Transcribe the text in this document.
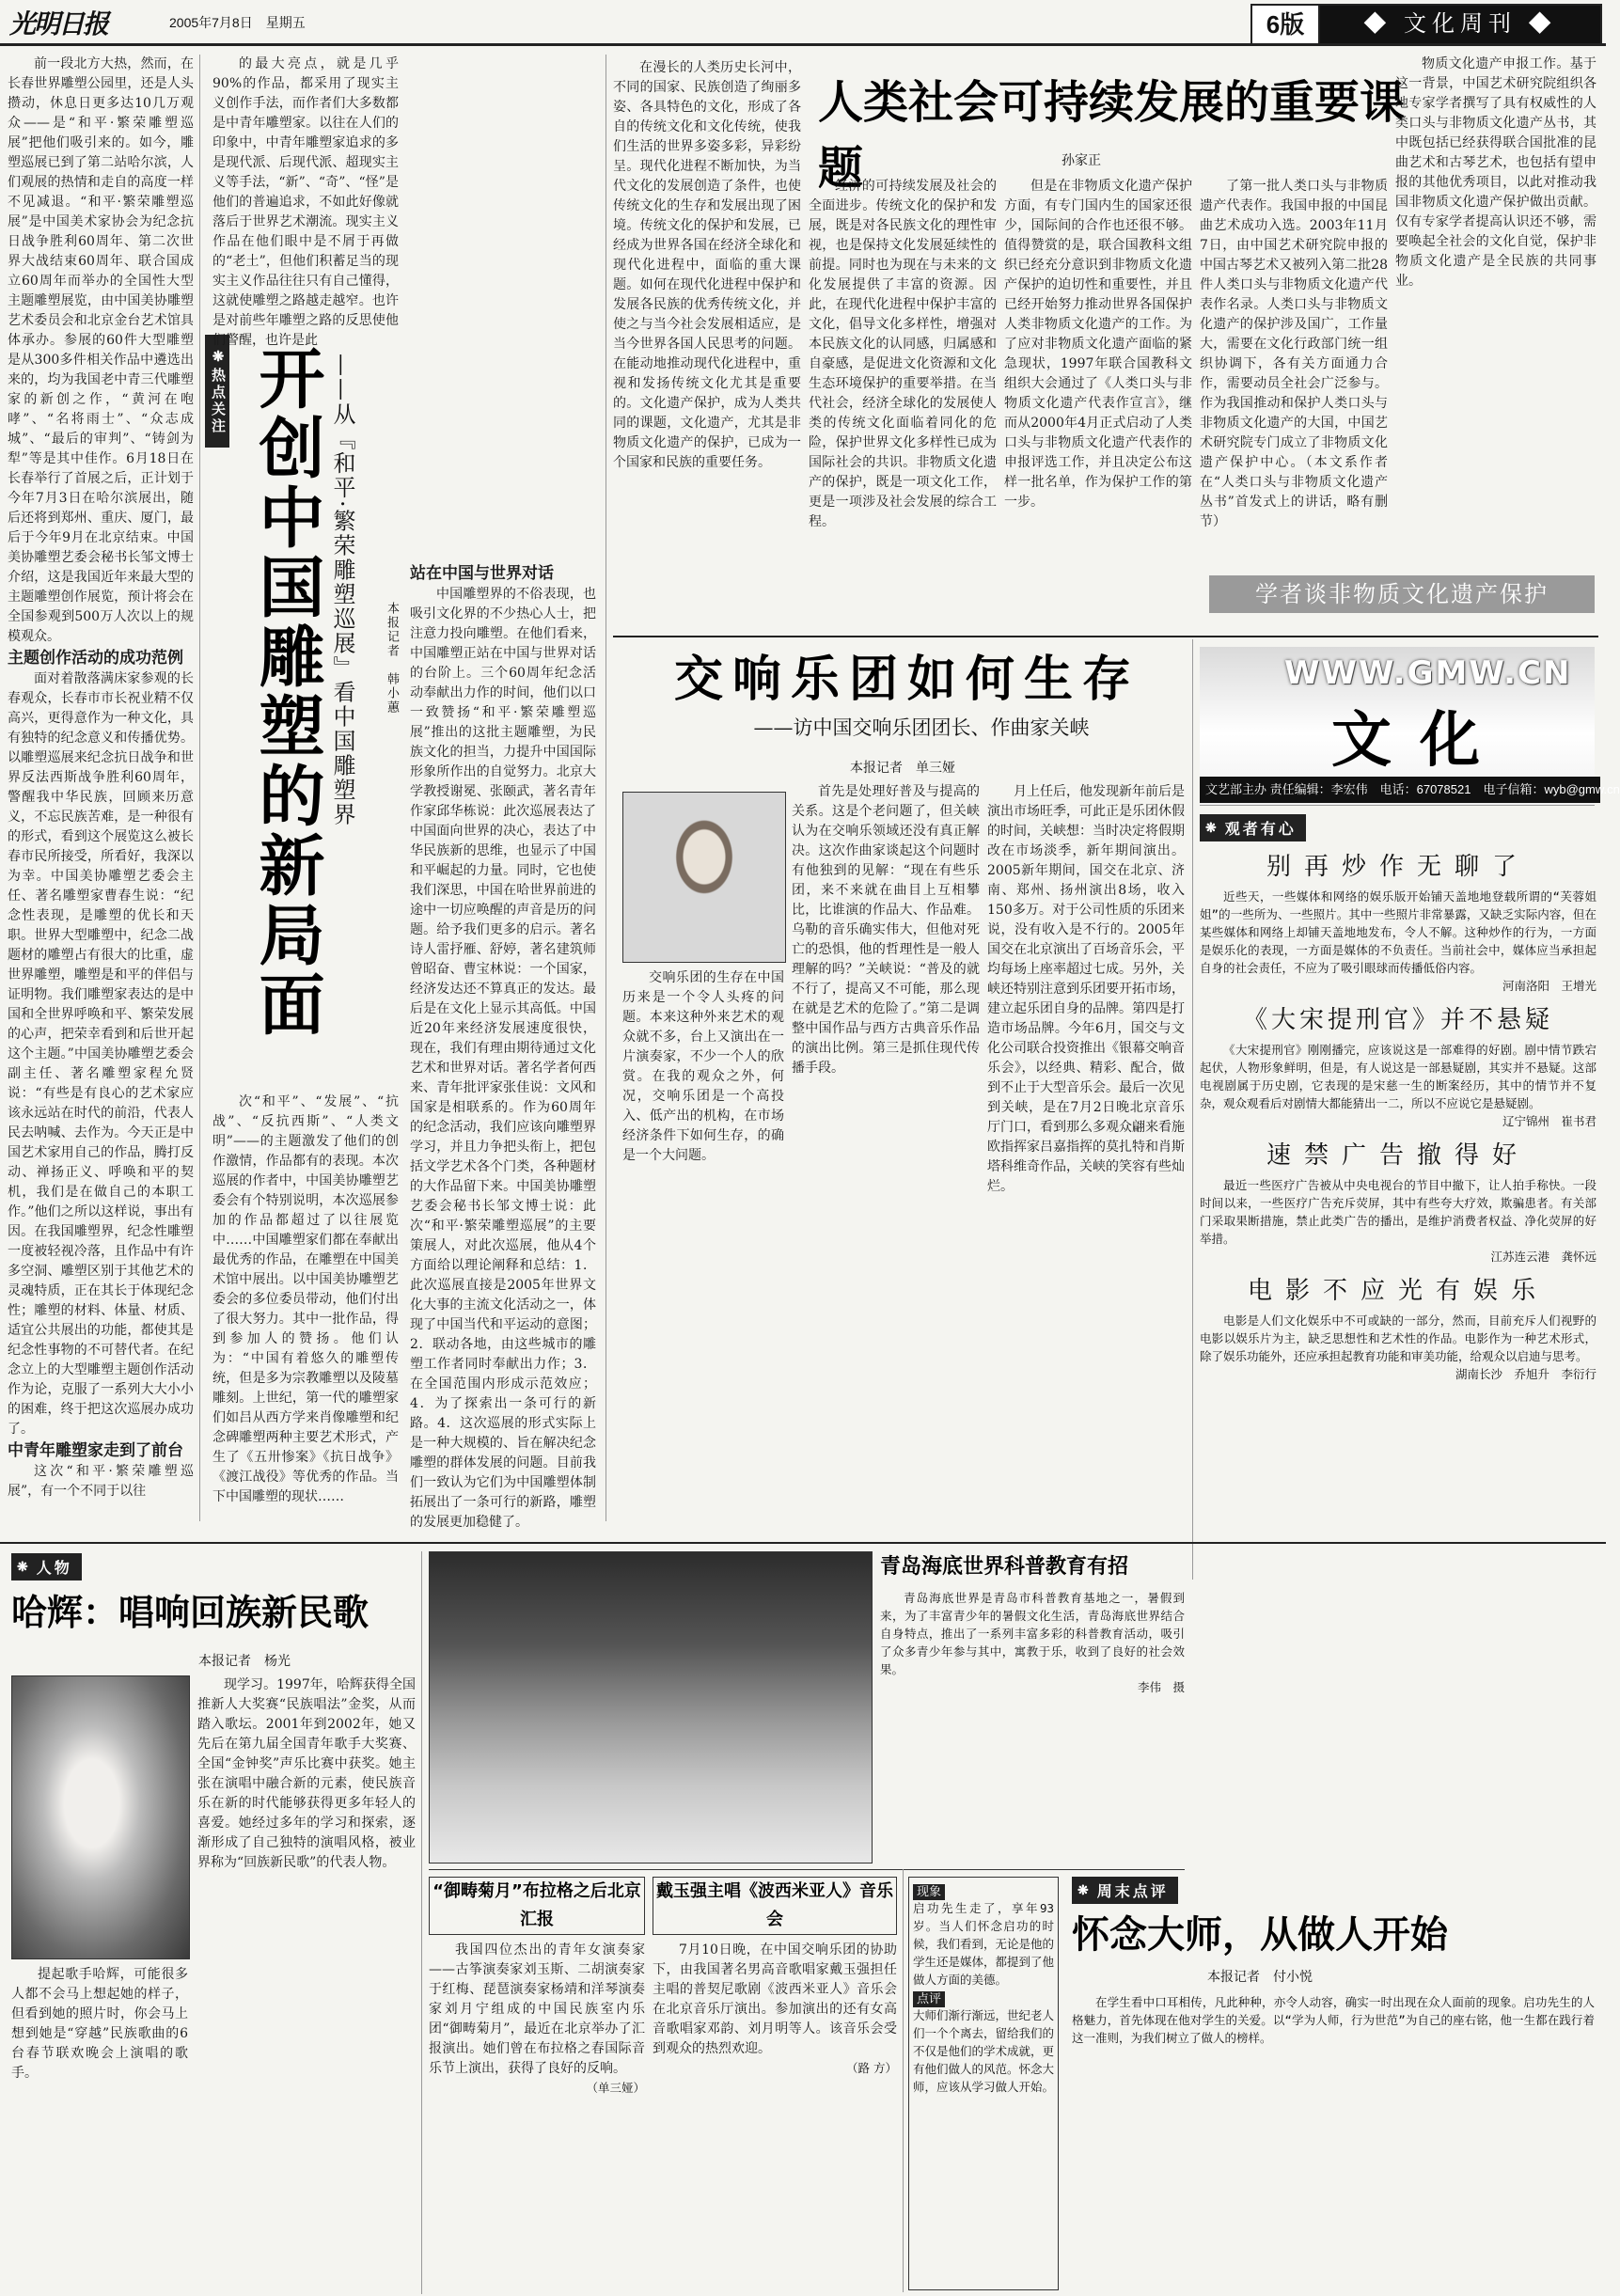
光明日报	2005年7月8日　星期五	6版	◆ 文化周刊 ◆

前一段北方大热，然而，在长春世界雕塑公园里，还是人头攒动，休息日更多达10几万观众——是“和平·繁荣雕塑巡展”把他们吸引来的。如今，雕塑巡展已到了第二站哈尔滨，人们观展的热情和走自的高度一样不见减退。“和平·繁荣雕塑巡展”是中国美术家协会为纪念抗日战争胜利60周年、第二次世界大战结束60周年、联合国成立60周年而举办的全国性大型主题雕塑展览，由中国美协雕塑艺术委员会和北京金台艺术馆具体承办。参展的60件大型雕塑是从300多件相关作品中遴选出来的，均为我国老中青三代雕塑家的新创之作，“黄河在咆哮”、“名将雨士”、“众志成城”、“最后的审判”、“铸剑为犁”等是其中佳作。6月18日在长春举行了首展之后，正计划于今年7月3日在哈尔滨展出，随后还将到郑州、重庆、厦门，最后于今年9月在北京结束。中国美协雕塑艺委会秘书长邹文博士介绍，这是我国近年来最大型的主题雕塑创作展览，预计将会在全国参观到500万人次以上的规模观众。

主题创作活动的成功范例

面对着散落满床家参观的长春观众，长春市市长祝业精不仅高兴，更得意作为一种文化，具有独特的纪念意义和传播优势。以雕塑巡展来纪念抗日战争和世界反法西斯战争胜利60周年，警醒我中华民族，回顾来历意义，不忘民族苦难，是一种很有的形式，看到这个展览这么被长春市民所接受，所看好，我深以为幸。中国美协雕塑艺委会主任、著名雕塑家曹春生说：“纪念性表现，是雕塑的优长和天职。世界大型雕塑中，纪念二战题材的雕塑占有很大的比重，虚世界雕塑，雕塑是和平的伴侣与证明物。我们雕塑家表达的是中国和全世界呼唤和平、繁荣发展的心声，把荣幸看到和后世开起这个主题。”中国美协雕塑艺委会副主任、著名雕塑家程允贤说：“有些是有良心的艺术家应该永远站在时代的前沿，代表人民去呐喊、去作为。今天正是中国艺术家用自己的作品，腾打反动、禅扬正义、呼唤和平的契机，我们是在做自己的本职工作。”他们之所以这样说，事出有因。在我国雕塑界，纪念性雕塑一度被轻视冷落，且作品中有许多空洞、雕塑区别于其他艺术的灵魂特质，正在其长于体现纪念性；雕塑的材料、体量、材质、适宜公共展出的功能，都使其是纪念性事物的不可替代者。在纪念立上的大型雕塑主题创作活动作为论，克服了一系列大大小小的困难，终于把这次巡展办成功了。

中青年雕塑家走到了前台

这次“和平·繁荣雕塑巡展”，有一个不同于以往

❋热点关注 开创中国雕塑的新局面 ——从『和平·繁荣雕塑巡展』看中国雕塑界	本报记者　韩小蕙

的最大亮点，就是几乎90%的作品，都采用了现实主义创作手法，而作者们大多数都是中青年雕塑家。以往在人们的印象中，中青年雕塑家追求的多是现代派、后现代派、超现实主义等手法，“新”、“奇”、“怪”是他们的普遍追求，不如此好像就落后于世界艺术潮流。现实主义作品在他们眼中是不屑于再做的“老土”，但他们积蓄足当的现实主义作品往往只有自己懂得，这就使雕塑之路越走越窄。也许是对前些年雕塑之路的反思使他们警醒，也许是此

站在中国与世界对话

中国雕塑界的不俗表现，也吸引文化界的不少热心人士，把注意力投向雕塑。在他们看来，中国雕塑正站在中国与世界对话的台阶上。三个60周年纪念活动奉献出力作的时间，他们以口一致赞扬“和平·繁荣雕塑巡展”推出的这批主题雕塑，为民族文化的担当，力提升中国国际形象所作出的自觉努力。北京大学教授谢冕、张颐武，著名青年作家邱华栋说：此次巡展表达了中国面向世界的决心，表达了中华民族新的思维，也显示了中国和平崛起的力量。同时，它也使我们深思，中国在哈世界前进的途中一切应唤醒的声音是历的问题。给予我们更多的启示。著名诗人雷抒雁、舒婷，著名建筑师曾昭奋、曹宝林说：一个国家，经济发达还不算真正的发达。最后是在文化上显示其高低。中国近20年来经济发展速度很快，现在，我们有理由期待通过文化艺术和世界对话。著名学者何西来、青年批评家张佳说：文风和国家是相联系的。作为60周年的纪念活动，我们应该向雕塑界学习，并且力争把头衔上，把包括文学艺术各个门类，各种题材的大作品留下来。中国美协雕塑艺委会秘书长邹文博士说：此次“和平·繁荣雕塑巡展”的主要策展人，对此次巡展，他从4个方面给以理论阐释和总结：1．此次巡展直接是2005年世界文化大事的主流文化活动之一，体现了中国当代和平运动的意图；2．联动各地，由这些城市的雕塑工作者同时奉献出力作；3．在全国范围内形成示范效应；4．为了探索出一条可行的新路。4．这次巡展的形式实际上是一种大规模的、旨在解决纪念雕塑的群体发展的问题。目前我们一致认为它们为中国雕塑体制拓展出了一条可行的新路，雕塑的发展更加稳健了。

次“和平”、“发展”、“抗战”、“反抗西斯”、“人类文明”——的主题激发了他们的创作激情，作品都有的表现。本次巡展的作者中，中国美协雕塑艺委会有个特别说明，本次巡展参加的作品都超过了以往展览中……中国雕塑家们都在奉献出最优秀的作品，在雕塑在中国美术馆中展出。以中国美协雕塑艺委会的多位委员带动，他们付出了很大努力。其中一批作品，得到参加人的赞扬。他们认为：“中国有着悠久的雕塑传统，但是多为宗教雕塑以及陵墓雕刻。上世纪，第一代的雕塑家们如吕从西方学来肖像雕塑和纪念碑雕塑两种主要艺术形式，产生了《五卅惨案》《抗日战争》《渡江战役》等优秀的作品。当下中国雕塑的现状……

人类社会可持续发展的重要课题	孙家正

在漫长的人类历史长河中，不同的国家、民族创造了绚丽多姿、各具特色的文化，形成了各自的传统文化和文化传统，使我们生活的世界多姿多彩，异彩纷呈。现代化进程不断加快，为当代文化的发展创造了条件，也使传统文化的生存和发展出现了困境。传统文化的保护和发展，已经成为世界各国在经济全球化和现代化进程中，面临的重大课题。如何在现代化进程中保护和发展各民族的优秀传统文化，并使之与当今社会发展相适应，是当今世界各国人民思考的问题。在能动地推动现代化进程中，重视和发扬传统文化尤其是重要的。文化遗产保护，成为人类共同的课题，文化遗产，尤其是非物质文化遗产的保护，已成为一个国家和民族的重要任务。

经济的可持续发展及社会的全面进步。传统文化的保护和发展，既是对各民族文化的理性审视，也是保持文化发展延续性的前提。同时也为现在与未来的文化发展提供了丰富的资源。因此，在现代化进程中保护丰富的文化，倡导文化多样性，增强对本民族文化的认同感，归属感和自豪感，是促进文化资源和文化生态环境保护的重要举措。在当代社会，经济全球化的发展使人类的传统文化面临着同化的危险，保护世界文化多样性已成为国际社会的共识。非物质文化遗产的保护，既是一项文化工作，更是一项涉及社会发展的综合工程。

但是在非物质文化遗产保护方面，有专门国内生的国家还很少，国际间的合作也还很不够。值得赞赏的是，联合国教科文组织已经充分意识到非物质文化遗产保护的迫切性和重要性，并且已经开始努力推动世界各国保护人类非物质文化遗产的工作。为了应对非物质文化遗产面临的紧急现状，1997年联合国教科文组织大会通过了《人类口头与非物质文化遗产代表作宣言》，继而从2000年4月正式启动了人类口头与非物质文化遗产代表作的申报评选工作，并且决定公布这样一批名单，作为保护工作的第一步。

了第一批人类口头与非物质遗产代表作。我国申报的中国昆曲艺术成功入选。2003年11月7日，由中国艺术研究院申报的中国古琴艺术又被列入第二批28件人类口头与非物质文化遗产代表作名录。人类口头与非物质文化遗产的保护涉及国广，工作量大，需要在文化行政部门统一组织协调下，各有关方面通力合作，需要动员全社会广泛参与。作为我国推动和保护人类口头与非物质文化遗产的大国，中国艺术研究院专门成立了非物质文化遗产保护中心。（本文系作者在“人类口头与非物质文化遗产丛书”首发式上的讲话，略有删节）

物质文化遗产申报工作。基于这一背景，中国艺术研究院组织各地专家学者撰写了具有权威性的人类口头与非物质文化遗产丛书，其中既包括已经获得联合国批准的昆曲艺术和古琴艺术，也包括有望申报的其他优秀项目，以此对推动我国非物质文化遗产保护做出贡献。仅有专家学者提高认识还不够，需要唤起全社会的文化自觉，保护非物质文化遗产是全民族的共同事业。

学者谈非物质文化遗产保护
交响乐团如何生存
——访中国交响乐团团长、作曲家关峡
本报记者　单三娅

交响乐团的生存在中国历来是一个令人头疼的问题。本来这种外来艺术的观众就不多，台上又演出在一片演奏家，不少一个人的欣赏。在我的观众之外，何况，交响乐团是一个高投入、低产出的机构，在市场经济条件下如何生存，的确是一个大问题。

首先是处理好普及与提高的关系。这是个老问题了，但关峡认为在交响乐领域还没有真正解决。这次作曲家谈起这个问题时有他独到的见解：“现在有些乐团，来不来就在曲目上互相攀比，比谁演的作品大、作品难。乌勒的音乐确实伟大，但他对死亡的恐惧，他的哲理性是一般人理解的吗？”关峡说：“普及的就不行了，提高又不可能，那么现在就是艺术的危险了。”第二是调整中国作品与西方古典音乐作品的演出比例。第三是抓住现代传播手段。

月上任后，他发现新年前后是演出市场旺季，可此正是乐团休假的时间，关峡想：当时决定将假期改在市场淡季，新年期间演出。2005新年期间，国交在北京、济南、郑州、扬州演出8场，收入150多万。对于公司性质的乐团来说，没有收入是不行的。2005年国交在北京演出了百场音乐会，平均每场上座率超过七成。另外，关峡还特别注意到乐团要开拓市场，建立起乐团自身的品牌。第四是打造市场品牌。今年6月，国交与文化公司联合投资推出《银幕交响音乐会》，以经典、精彩、配合，做到不止于大型音乐会。最后一次见到关峡，是在7月2日晚北京音乐厅门口，看到那么多观众翩来看施欧指挥家吕嘉指挥的莫扎特和肖斯塔科维奇作品，关峡的笑容有些灿烂。

WWW.GMW.CN
文化
文艺部主办 责任编辑：李宏伟　电话：67078521　电子信箱：wyb@gmw.cn
❋ 观者有心
别再炒作无聊了
近些天，一些媒体和网络的娱乐版开始铺天盖地地登载所谓的“芙蓉姐姐”的一些所为、一些照片。其中一些照片非常暴露，又缺乏实际内容，但在某些媒体和网络上却铺天盖地地发布，令人不解。这种炒作的行为，一方面是娱乐化的表现，一方面是媒体的不负责任。当前社会中，媒体应当承担起自身的社会责任，不应为了吸引眼球而传播低俗内容。
河南洛阳　王增光
《大宋提刑官》并不悬疑
《大宋提刑官》刚刚播完，应该说这是一部难得的好剧。剧中情节跌宕起伏，人物形象鲜明，但是，有人说这是一部悬疑剧，其实并不悬疑。这部电视剧属于历史剧，它表现的是宋慈一生的断案经历，其中的情节并不复杂，观众观看后对剧情大都能猜出一二，所以不应说它是悬疑剧。
辽宁锦州　崔书君
速禁广告撤得好
最近一些医疗广告被从中央电视台的节目中撤下，让人拍手称快。一段时间以来，一些医疗广告充斥荧屏，其中有些夸大疗效，欺骗患者。有关部门采取果断措施，禁止此类广告的播出，是维护消费者权益、净化荧屏的好举措。
江苏连云港　龚怀远
电影不应光有娱乐
电影是人们文化娱乐中不可或缺的一部分，然而，目前充斥人们视野的电影以娱乐片为主，缺乏思想性和艺术性的作品。电影作为一种艺术形式，除了娱乐功能外，还应承担起教育功能和审美功能，给观众以启迪与思考。
湖南长沙　乔旭升　李衍行
❋ 人物
哈辉：唱响回族新民歌
本报记者　杨光

提起歌手哈辉，可能很多人都不会马上想起她的样子，但看到她的照片时，你会马上想到她是“穿越”民族歌曲的6台春节联欢晚会上演唱的歌手。

现学习。1997年，哈辉获得全国推新人大奖赛“民族唱法”金奖，从而踏入歌坛。2001年到2002年，她又先后在第九届全国青年歌手大奖赛、全国“金钟奖”声乐比赛中获奖。她主张在演唱中融合新的元素，使民族音乐在新的时代能够获得更多年轻人的喜爱。她经过多年的学习和探索，逐渐形成了自己独特的演唱风格，被业界称为“回族新民歌”的代表人物。

青岛海底世界科普教育有招
青岛海底世界是青岛市科普教育基地之一，暑假到来，为了丰富青少年的暑假文化生活，青岛海底世界结合自身特点，推出了一系列丰富多彩的科普教育活动，吸引了众多青少年参与其中，寓教于乐，收到了良好的社会效果。
李伟　摄
“御畴菊月”布拉格之后北京汇报
我国四位杰出的青年女演奏家——古筝演奏家刘玉斯、二胡演奏家于红梅、琵琶演奏家杨靖和洋琴演奏家刘月宁组成的中国民族室内乐团“御畴菊月”，最近在北京举办了汇报演出。她们曾在布拉格之春国际音乐节上演出，获得了良好的反响。
（单三娅）
戴玉强主唱《波西米亚人》音乐会
7月10日晚，在中国交响乐团的协助下，由我国著名男高音歌唱家戴玉强担任主唱的普契尼歌剧《波西米亚人》音乐会在北京音乐厅演出。参加演出的还有女高音歌唱家邓韵、刘月明等人。该音乐会受到观众的热烈欢迎。
（路 方）
现象
启功先生走了，享年93岁。当人们怀念启功的时候，我们看到，无论是他的学生还是媒体，都提到了他做人方面的美德。
点评
大师们渐行渐远，世纪老人们一个个离去，留给我们的不仅是他们的学术成就，更有他们做人的风范。怀念大师，应该从学习做人开始。
❋ 周末点评
怀念大师，从做人开始
本报记者　付小悦
在学生看中口耳相传，凡此种种，亦令人动容，确实一时出现在众人面前的现象。启功先生的人格魅力，首先体现在他对学生的关爱。以“学为人师，行为世范”为自己的座右铭，他一生都在践行着这一准则，为我们树立了做人的榜样。
